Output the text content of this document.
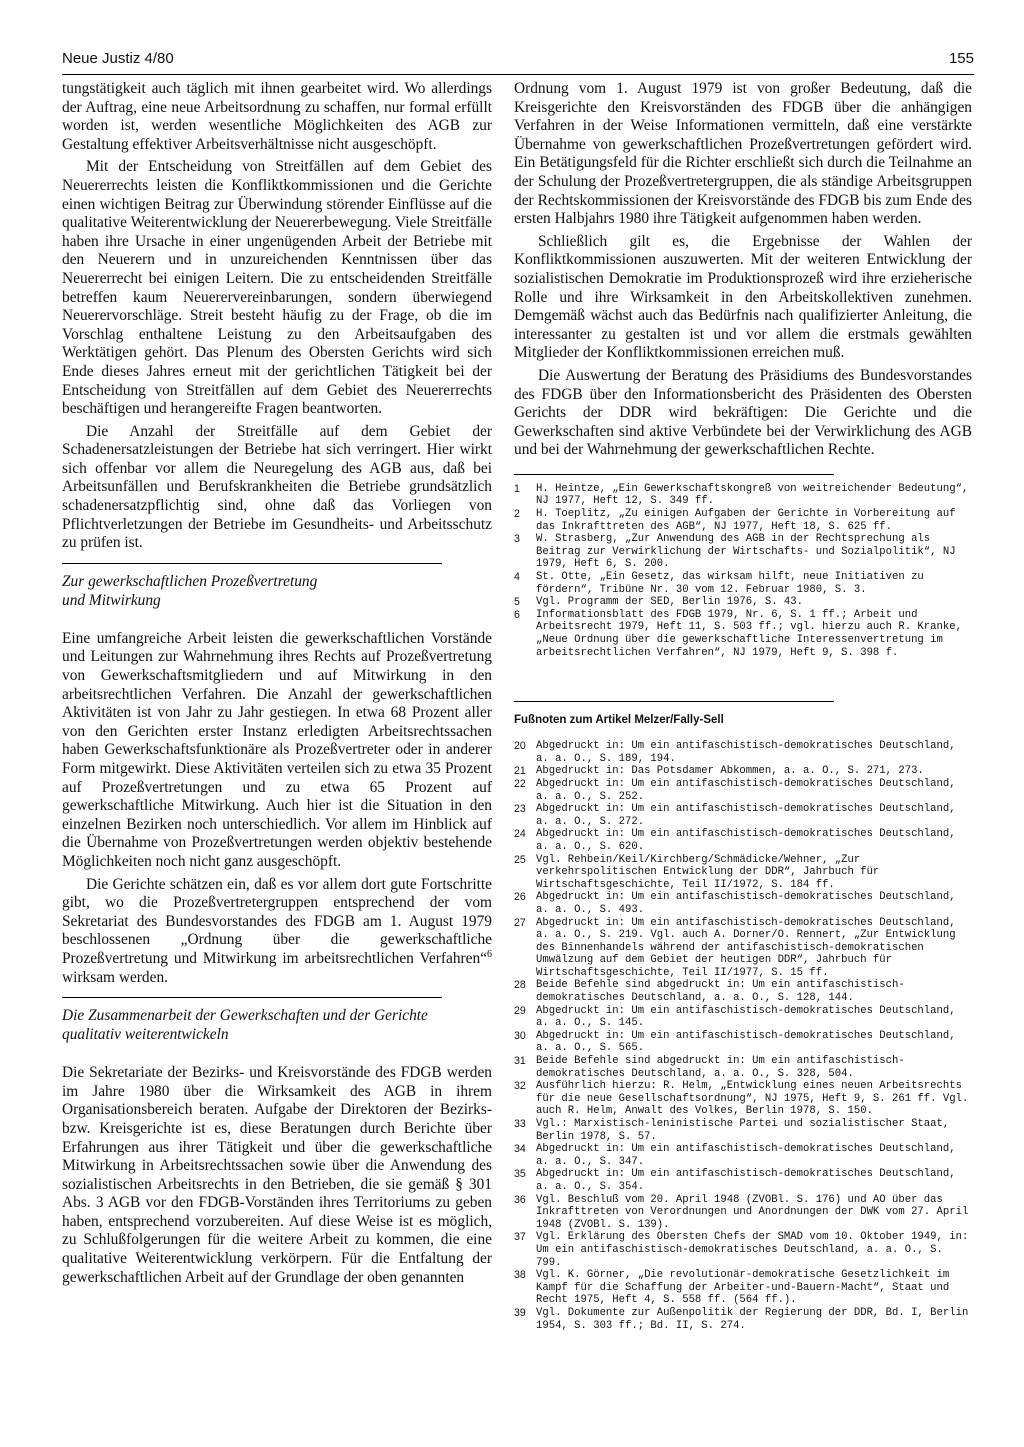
Neue Justiz 4/80	155

tungstätigkeit auch täglich mit ihnen gearbeitet wird. Wo allerdings der Auftrag, eine neue Arbeitsordnung zu schaffen, nur formal erfüllt worden ist, werden wesentliche Möglichkeiten des AGB zur Gestaltung effektiver Arbeitsverhältnisse nicht ausgeschöpft.

Mit der Entscheidung von Streitfällen auf dem Gebiet des Neuererrechts leisten die Konfliktkommissionen und die Gerichte einen wichtigen Beitrag zur Überwindung störender Einflüsse auf die qualitative Weiterentwicklung der Neuererbewegung. Viele Streitfälle haben ihre Ursache in einer ungenügenden Arbeit der Betriebe mit den Neuerern und in unzureichenden Kenntnissen über das Neuererrecht bei einigen Leitern. Die zu entscheidenden Streitfälle betreffen kaum Neuerervereinbarungen, sondern überwiegend Neuerervorschläge. Streit besteht häufig zu der Frage, ob die im Vorschlag enthaltene Leistung zu den Arbeitsaufgaben des Werktätigen gehört. Das Plenum des Obersten Gerichts wird sich Ende dieses Jahres erneut mit der gerichtlichen Tätigkeit bei der Entscheidung von Streitfällen auf dem Gebiet des Neuererrechts beschäftigen und herangereifte Fragen beantworten.

Die Anzahl der Streitfälle auf dem Gebiet der Schadenersatzleistungen der Betriebe hat sich verringert. Hier wirkt sich offenbar vor allem die Neuregelung des AGB aus, daß bei Arbeitsunfällen und Berufskrankheiten die Betriebe grundsätzlich schadenersatzpflichtig sind, ohne daß das Vorliegen von Pflichtverletzungen der Betriebe im Gesundheits- und Arbeitsschutz zu prüfen ist.

Zur gewerkschaftlichen Prozeßvertretung
und Mitwirkung

Eine umfangreiche Arbeit leisten die gewerkschaftlichen Vorstände und Leitungen zur Wahrnehmung ihres Rechts auf Prozeßvertretung von Gewerkschaftsmitgliedern und auf Mitwirkung in den arbeitsrechtlichen Verfahren. Die Anzahl der gewerkschaftlichen Aktivitäten ist von Jahr zu Jahr gestiegen. In etwa 68 Prozent aller von den Gerichten erster Instanz erledigten Arbeitsrechtssachen haben Gewerkschaftsfunktionäre als Prozeßvertreter oder in anderer Form mitgewirkt. Diese Aktivitäten verteilen sich zu etwa 35 Prozent auf Prozeßvertretungen und zu etwa 65 Prozent auf gewerkschaftliche Mitwirkung. Auch hier ist die Situation in den einzelnen Bezirken noch unterschiedlich. Vor allem im Hinblick auf die Übernahme von Prozeßvertretungen werden objektiv bestehende Möglichkeiten noch nicht ganz ausgeschöpft.

Die Gerichte schätzen ein, daß es vor allem dort gute Fortschritte gibt, wo die Prozeßvertretergruppen entsprechend der vom Sekretariat des Bundesvorstandes des FDGB am 1. August 1979 beschlossenen „Ordnung über die gewerkschaftliche Prozeßvertretung und Mitwirkung im arbeitsrechtlichen Verfahren“$^6$ wirksam werden.

Die Zusammenarbeit der Gewerkschaften und der Gerichte
qualitativ weiterentwickeln

Die Sekretariate der Bezirks- und Kreisvorstände des FDGB werden im Jahre 1980 über die Wirksamkeit des AGB in ihrem Organisationsbereich beraten. Aufgabe der Direktoren der Bezirks- bzw. Kreisgerichte ist es, diese Beratungen durch Berichte über Erfahrungen aus ihrer Tätigkeit und über die gewerkschaftliche Mitwirkung in Arbeitsrechtssachen sowie über die Anwendung des sozialistischen Arbeitsrechts in den Betrieben, die sie gemäß § 301 Abs. 3 AGB vor den FDGB-Vorständen ihres Territoriums zu geben haben, entsprechend vorzubereiten. Auf diese Weise ist es möglich, zu Schlußfolgerungen für die weitere Arbeit zu kommen, die eine qualitative Weiterentwicklung verkörpern. Für die Entfaltung der gewerkschaftlichen Arbeit auf der Grundlage der oben genannten

Ordnung vom 1. August 1979 ist von großer Bedeutung, daß die Kreisgerichte den Kreisvorständen des FDGB über die anhängigen Verfahren in der Weise Informationen vermitteln, daß eine verstärkte Übernahme von gewerkschaftlichen Prozeßvertretungen gefördert wird. Ein Betätigungsfeld für die Richter erschließt sich durch die Teilnahme an der Schulung der Prozeßvertretergruppen, die als ständige Arbeitsgruppen der Rechtskommissionen der Kreisvorstände des FDGB bis zum Ende des ersten Halbjahrs 1980 ihre Tätigkeit aufgenommen haben werden.

Schließlich gilt es, die Ergebnisse der Wahlen der Konfliktkommissionen auszuwerten. Mit der weiteren Entwicklung der sozialistischen Demokratie im Produktionsprozeß wird ihre erzieherische Rolle und ihre Wirksamkeit in den Arbeitskollektiven zunehmen. Demgemäß wächst auch das Bedürfnis nach qualifizierter Anleitung, die interessanter zu gestalten ist und vor allem die erstmals gewählten Mitglieder der Konfliktkommissionen erreichen muß.

Die Auswertung der Beratung des Präsidiums des Bundesvorstandes des FDGB über den Informationsbericht des Präsidenten des Obersten Gerichts der DDR wird bekräftigen: Die Gerichte und die Gewerkschaften sind aktive Verbündete bei der Verwirklichung des AGB und bei der Wahrnehmung der gewerkschaftlichen Rechte.

1	H. Heintze, „Ein Gewerkschaftskongreß von weitreichender Bedeutung“, NJ 1977, Heft 12, S. 349 ff.
2	H. Toeplitz, „Zu einigen Aufgaben der Gerichte in Vorbereitung auf das Inkrafttreten des AGB“, NJ 1977, Heft 18, S. 625 ff.
3	W. Strasberg, „Zur Anwendung des AGB in der Rechtsprechung als Beitrag zur Verwirklichung der Wirtschafts- und Sozialpolitik“, NJ 1979, Heft 6, S. 200.
4	St. Otte, „Ein Gesetz, das wirksam hilft, neue Initiativen zu fördern“, Tribüne Nr. 30 vom 12. Februar 1980, S. 3.
5	Vgl. Programm der SED, Berlin 1976, S. 43.
6	Informationsblatt des FDGB 1979, Nr. 6, S. 1 ff.; Arbeit und Arbeitsrecht 1979, Heft 11, S. 503 ff.; vgl. hierzu auch R. Kranke, „Neue Ordnung über die gewerkschaftliche Interessenvertretung im arbeitsrechtlichen Verfahren“, NJ 1979, Heft 9, S. 398 f.
Fußnoten zum Artikel Melzer/Fally-Sell
20 Abgedruckt in: Um ein antifaschistisch-demokratisches Deutschland, a. a. O., S. 189, 194.
21 Abgedruckt in: Das Potsdamer Abkommen, a. a. O., S. 271, 273.
22 Abgedruckt in: Um ein antifaschistisch-demokratisches Deutschland, a. a. O., S. 252.
23 Abgedruckt in: Um ein antifaschistisch-demokratisches Deutschland, a. a. O., S. 272.
24 Abgedruckt in: Um ein antifaschistisch-demokratisches Deutschland, a. a. O., S. 620.
25 Vgl. Rehbein/Keil/Kirchberg/Schmädicke/Wehner, „Zur verkehrspolitischen Entwicklung der DDR“, Jahrbuch für Wirtschaftsgeschichte, Teil II/1972, S. 184 ff.
26 Abgedruckt in: Um ein antifaschistisch-demokratisches Deutschland, a. a. O., S. 493.
27 Abgedruckt in: Um ein antifaschistisch-demokratisches Deutschland, a. a. O., S. 219. Vgl. auch A. Dorner/O. Rennert, „Zur Entwicklung des Binnenhandels während der antifaschistisch-demokratischen Umwälzung auf dem Gebiet der heutigen DDR“, Jahrbuch für Wirtschaftsgeschichte, Teil II/1977, S. 15 ff.
28 Beide Befehle sind abgedruckt in: Um ein antifaschistisch-demokratisches Deutschland, a. a. O., S. 128, 144.
29 Abgedruckt in: Um ein antifaschistisch-demokratisches Deutschland, a. a. O., S. 145.
30 Abgedruckt in: Um ein antifaschistisch-demokratisches Deutschland, a. a. O., S. 565.
31 Beide Befehle sind abgedruckt in: Um ein antifaschistisch-demokratisches Deutschland, a. a. O., S. 328, 504.
32 Ausführlich hierzu: R. Helm, „Entwicklung eines neuen Arbeitsrechts für die neue Gesellschaftsordnung“, NJ 1975, Heft 9, S. 261 ff. Vgl. auch R. Helm, Anwalt des Volkes, Berlin 1978, S. 150.
33 Vgl.: Marxistisch-leninistische Partei und sozialistischer Staat, Berlin 1978, S. 57.
34 Abgedruckt in: Um ein antifaschistisch-demokratisches Deutschland, a. a. O., S. 347.
35 Abgedruckt in: Um ein antifaschistisch-demokratisches Deutschland, a. a. O., S. 354.
36 Vgl. Beschluß vom 20. April 1948 (ZVOBl. S. 176) und AO über das Inkrafttreten von Verordnungen und Anordnungen der DWK vom 27. April 1948 (ZVOBl. S. 139).
37 Vgl. Erklärung des Obersten Chefs der SMAD vom 10. Oktober 1949, in: Um ein antifaschistisch-demokratisches Deutschland, a. a. O., S. 799.
38 Vgl. K. Görner, „Die revolutionär-demokratische Gesetzlichkeit im Kampf für die Schaffung der Arbeiter-und-Bauern-Macht“, Staat und Recht 1975, Heft 4, S. 558 ff. (564 ff.).
39 Vgl. Dokumente zur Außenpolitik der Regierung der DDR, Bd. I, Berlin 1954, S. 303 ff.; Bd. II, S. 274.
